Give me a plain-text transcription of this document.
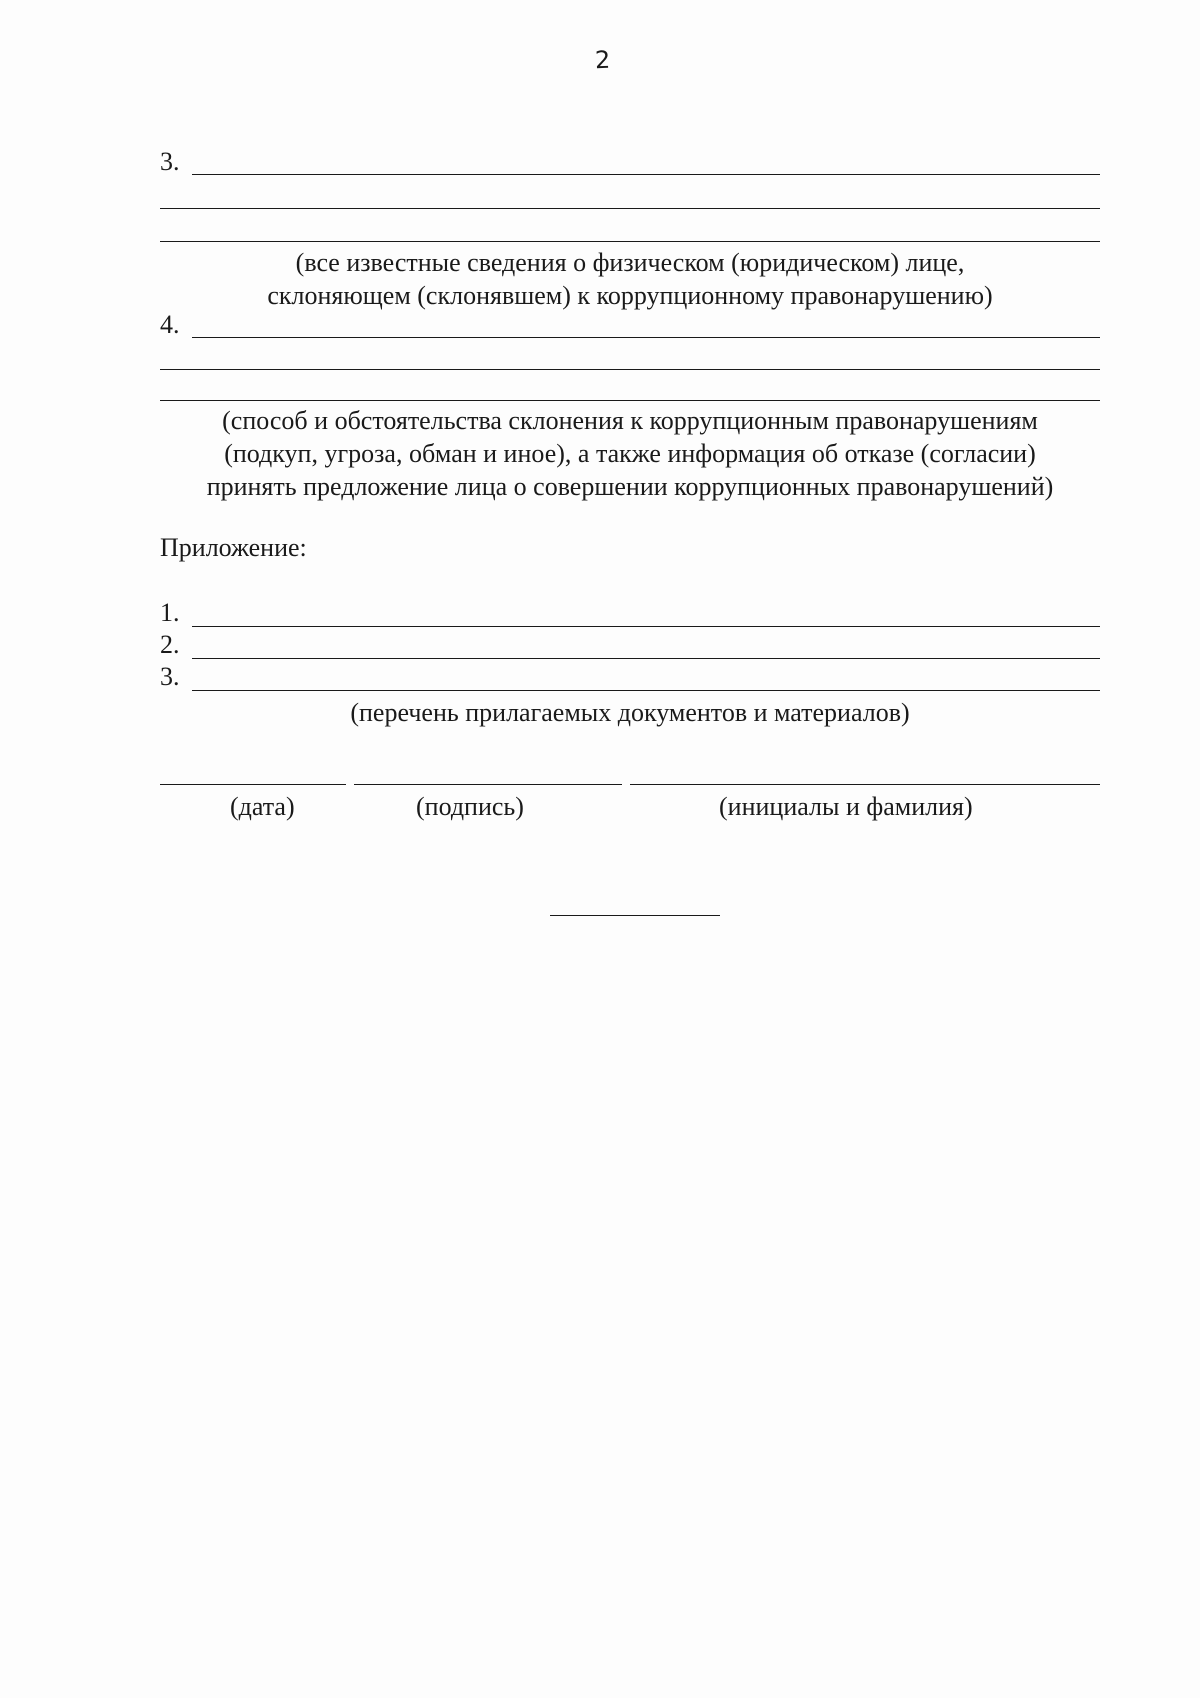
2
3.
(все известные сведения о физическом (юридическом) лице,
склоняющем (склонявшем) к коррупционному правонарушению)
4.
(способ и обстоятельства склонения к коррупционным правонарушениям
(подкуп, угроза, обман и иное), а также информация об отказе (согласии)
принять предложение лица о совершении коррупционных правонарушений)
Приложение:
1.
2.
3.
(перечень прилагаемых документов и материалов)
(дата)	(подпись)	(инициалы и фамилия)
